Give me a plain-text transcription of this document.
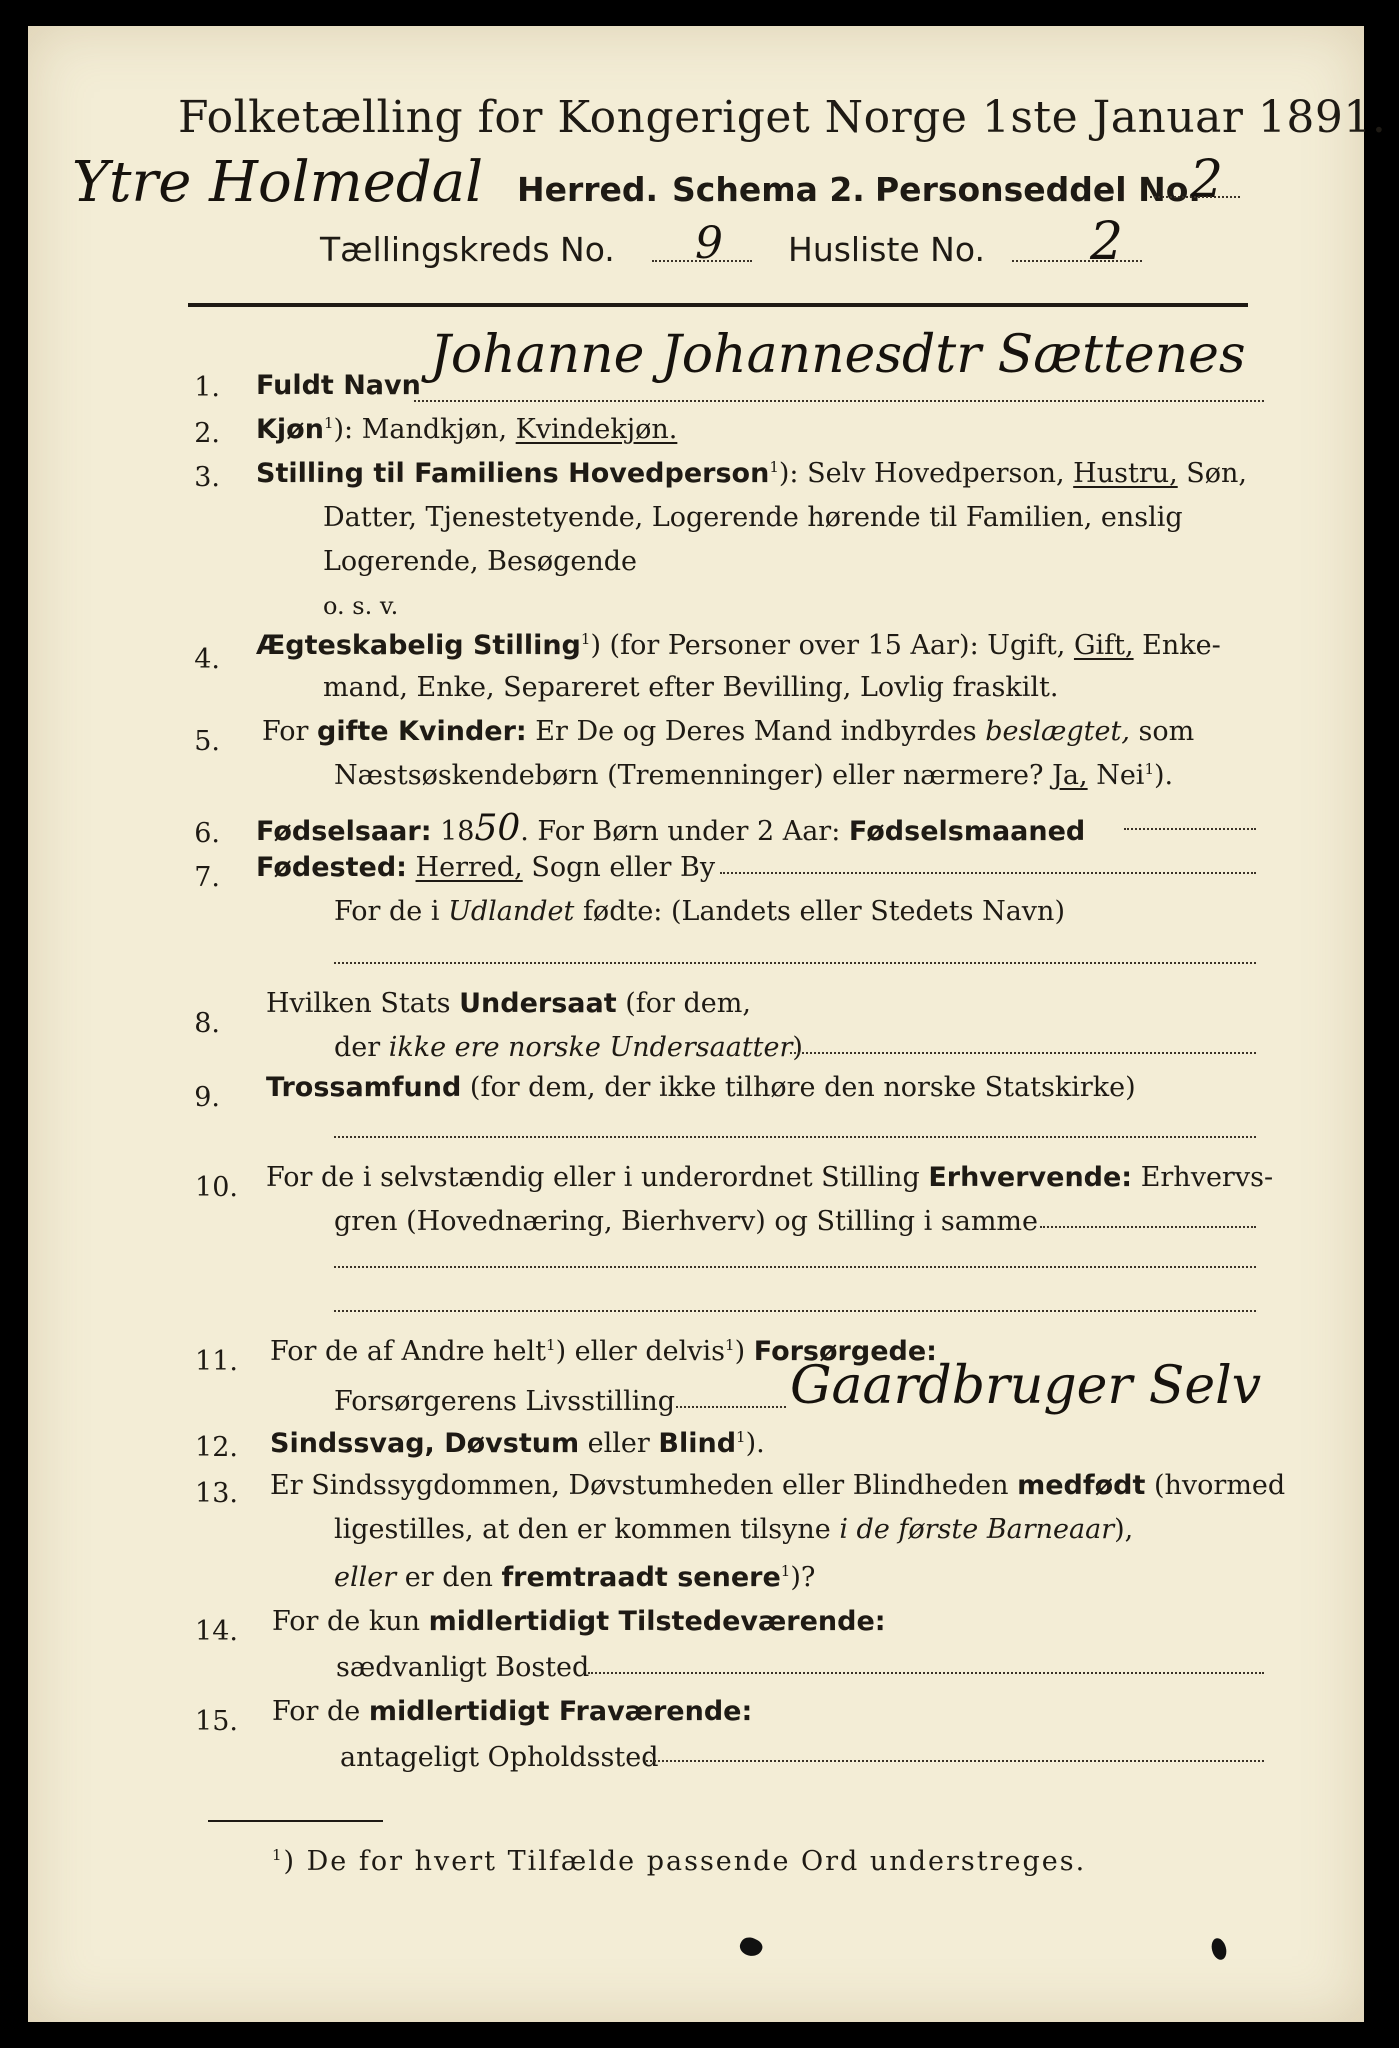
Folketælling for Kongeriget Norge 1ste Januar 1891.
Ytre Holmedal Herred. Schema 2. Personseddel No.
2
Tællingskreds No. 9 Husliste No. 2
1. Fuldt Navn
Johanne Johannesdtr Sættenes
2. Kjøn$^1$): Mandkjøn, Kvindekjøn.
3. Stilling til Familiens Hovedperson$^1$): Selv Hovedperson, Hustru, Søn,
Datter, Tjenestetyende, Logerende hørende til Familien, enslig
Logerende, Besøgende
o. s. v.
4. Ægteskabelig Stilling$^1$) (for Personer over 15 Aar): Ugift, Gift, Enke-
mand, Enke, Separeret efter Bevilling, Lovlig fraskilt.
5. For gifte Kvinder: Er De og Deres Mand indbyrdes beslægtet, som
Næstsøskendebørn (Tremenninger) eller nærmere? Ja, Nei$^1$).
6. Fødselsaar: 1850. For Børn under 2 Aar: Fødselsmaaned
7. Fødested: Herred, Sogn eller By
For de i Udlandet fødte: (Landets eller Stedets Navn)
8.
Hvilken Stats Undersaat (for dem,
der ikke ere norske Undersaatter)
9. Trossamfund (for dem, der ikke tilhøre den norske Statskirke)
10. For de i selvstændig eller i underordnet Stilling Erhvervende: Erhvervs-
gren (Hovednæring, Bierhverv) og Stilling i samme
11. For de af Andre helt$^1$) eller delvis$^1$) Forsørgede:
Forsørgerens Livsstilling Gaardbruger Selv
12. Sindssvag, Døvstum eller Blind$^1$).
13. Er Sindssygdommen, Døvstumheden eller Blindheden medfødt (hvormed
ligestilles, at den er kommen tilsyne i de første Barneaar),
eller er den fremtraadt senere$^1$)?
14. For de kun midlertidigt Tilstedeværende:
sædvanligt Bosted
15. For de midlertidigt Fraværende:
antageligt Opholdssted
$^1$) De for hvert Tilfælde passende Ord understreges.
